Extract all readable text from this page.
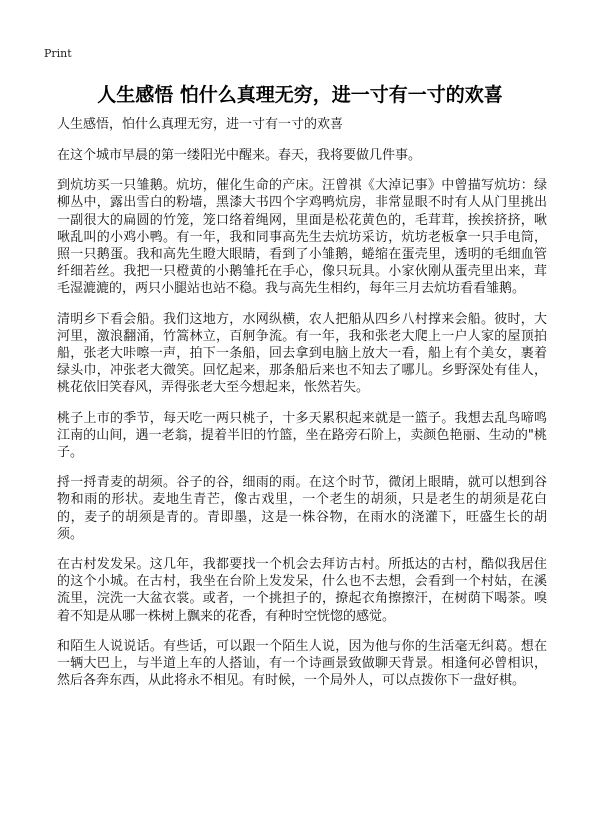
Print
人生感悟 怕什么真理无穷，进一寸有一寸的欢喜

人生感悟，怕什么真理无穷，进一寸有一寸的欢喜

在这个城市早晨的第一缕阳光中醒来。春天，我将要做几件事。

到炕坊买一只雏鹅。炕坊，催化生命的产床。汪曾祺《大淖记事》中曾描写炕坊：绿柳丛中，露出雪白的粉墙，黑漆大书四个字鸡鸭炕房，非常显眼不时有人从门里挑出一副很大的扁圆的竹笼，笼口络着绳网，里面是松花黄色的，毛茸茸，挨挨挤挤，啾啾乱叫的小鸡小鸭。有一年，我和同事高先生去炕坊采访，炕坊老板拿一只手电筒，照一只鹅蛋。我和高先生瞪大眼睛，看到了小雏鹅，蜷缩在蛋壳里，透明的毛细血管纤细若丝。我把一只橙黄的小鹅雏托在手心，像只玩具。小家伙刚从蛋壳里出来，茸毛湿漉漉的，两只小腿站也站不稳。我与高先生相约，每年三月去炕坊看看雏鹅。

清明乡下看会船。我们这地方，水网纵横，农人把船从四乡八村撑来会船。彼时，大河里，激浪翻涌，竹篙林立，百舸争流。有一年，我和张老大爬上一户人家的屋顶拍船，张老大咔嚓一声，拍下一条船，回去拿到电脑上放大一看，船上有个美女，裹着绿头巾，冲张老大微笑。回忆起来，那条船后来也不知去了哪儿。乡野深处有佳人，桃花依旧笑春风，弄得张老大至今想起来，怅然若失。

桃子上市的季节，每天吃一两只桃子，十多天累积起来就是一篮子。我想去乱鸟啼鸣江南的山间，遇一老翁，提着半旧的竹篮，坐在路旁石阶上，卖颜色艳丽、生动的"桃子。

捋一捋青麦的胡须。谷子的谷，细雨的雨。在这个时节，微闭上眼睛，就可以想到谷物和雨的形状。麦地生青芒，像古戏里，一个老生的胡须，只是老生的胡须是花白的，麦子的胡须是青的。青即墨，这是一株谷物，在雨水的浇灌下，旺盛生长的胡须。

在古村发发呆。这几年，我都要找一个机会去拜访古村。所抵达的古村，酷似我居住的这个小城。在古村，我坐在台阶上发发呆，什么也不去想，会看到一个村姑，在溪流里，浣洗一大盆衣裳。或者，一个挑担子的，撩起衣角擦擦汗，在树荫下喝茶。嗅着不知是从哪一株树上飘来的花香，有种时空恍惚的感觉。

和陌生人说说话。有些话，可以跟一个陌生人说，因为他与你的生活毫无纠葛。想在一辆大巴上，与半道上车的人搭讪，有一个诗画景致做聊天背景。相逢何必曾相识，然后各奔东西，从此将永不相见。有时候，一个局外人，可以点拨你下一盘好棋。
